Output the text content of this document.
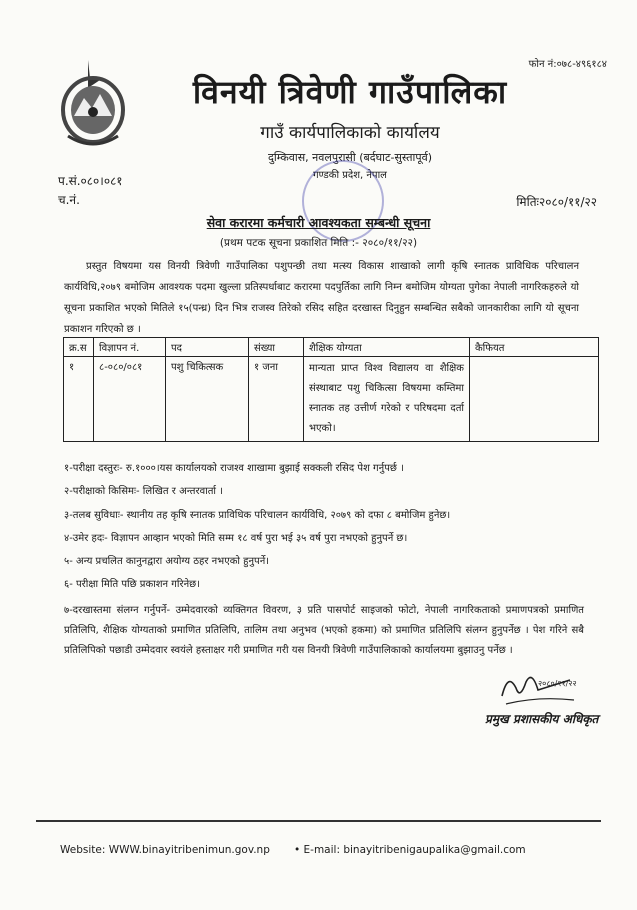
फोन नं:०७८-४९६१८४
विनयी त्रिवेणी गाउँपालिका
गाउँ कार्यपालिकाको कार्यालय
दुम्किवास, नवलपुरासी (बर्दघाट-सुस्तापूर्व)
गण्डकी प्रदेश, नेपाल
प.सं.०८०।०८१
च.नं.	मितिः२०८०/११/२२
सेवा करारमा कर्मचारी आवश्यकता सम्बन्धी सूचना
(प्रथम पटक सूचना प्रकाशित मिति :- २०८०/११/२२)
प्रस्तुत विषयमा यस विनयी त्रिवेणी गाउँपालिका पशुपन्छी तथा मत्स्य विकास शाखाको लागी कृषि स्नातक प्राविधिक परिचालन कार्यविधि,२०७९ बमोजिम आवश्यक पदमा खुल्ला प्रतिस्पर्धाबाट करारमा पदपुर्तिका लागि निम्न बमोजिम योग्यता पुगेका नेपाली नागरिकहरुले यो सूचना प्रकाशित भएको मितिले १५(पन्ध्र) दिन भित्र राजस्व तिरेको रसिद सहित दरखास्त दिनुहुन सम्बन्धित सबैको जानकारीका लागि यो सूचना प्रकाशन गरिएको छ ।
क्र.स	विज्ञापन नं.	पद	संख्या	शैक्षिक योग्यता	कैफियत
१	८-०८०/०८१	पशु चिकित्सक	१ जना	मान्यता प्राप्त विश्व विद्यालय वा शैक्षिक संस्थाबाट पशु चिकित्सा विषयमा कम्तिमा स्नातक तह उत्तीर्ण गरेको र परिषदमा दर्ता भएको।	
१-परीक्षा दस्तुरः- रु.१०००।यस कार्यालयको राजश्व शाखामा बुझाई सक्कली रसिद पेश गर्नुपर्छ ।
२-परीक्षाको किसिमः- लिखित र अन्तरवार्ता ।
३-तलब सुविधाः- स्थानीय तह कृषि स्नातक प्राविधिक परिचालन कार्यविधि, २०७९ को दफा ८ बमोजिम हुनेछ।
४-उमेर हदः- विज्ञापन आव्हान भएको मिति सम्म १८ वर्ष पुरा भई ३५ वर्ष पुरा नभएको हुनुपर्ने छ।
५- अन्य प्रचलित कानुनद्वारा अयोग्य ठहर नभएको हुनुपर्ने।
६- परीक्षा मिति पछि प्रकाशन गरिनेछ।
७-दरखास्तमा संलग्न गर्नुपर्ने- उम्मेदवारको व्यक्तिगत विवरण, ३ प्रति पासपोर्ट साइजको फोटो, नेपाली नागरिकताको प्रमाणपत्रको प्रमाणित प्रतिलिपि, शैक्षिक योग्यताको प्रमाणित प्रतिलिपि, तालिम तथा अनुभव (भएको हकमा) को प्रमाणित प्रतिलिपि संलग्न हुनुपर्नेछ । पेश गरिने सबै प्रतिलिपिको पछाडी उम्मेदवार स्वयंले हस्ताक्षर गरी प्रमाणित गरी यस विनयी त्रिवेणी गाउँपालिकाको कार्यालयमा बुझाउनु पर्नेछ ।
२०८०/११/२२
प्रमुख प्रशासकीय अधिकृत
Website: WWW.binayitribenimun.gov.np • E-mail: binayitribenigaupalika@gmail.com
